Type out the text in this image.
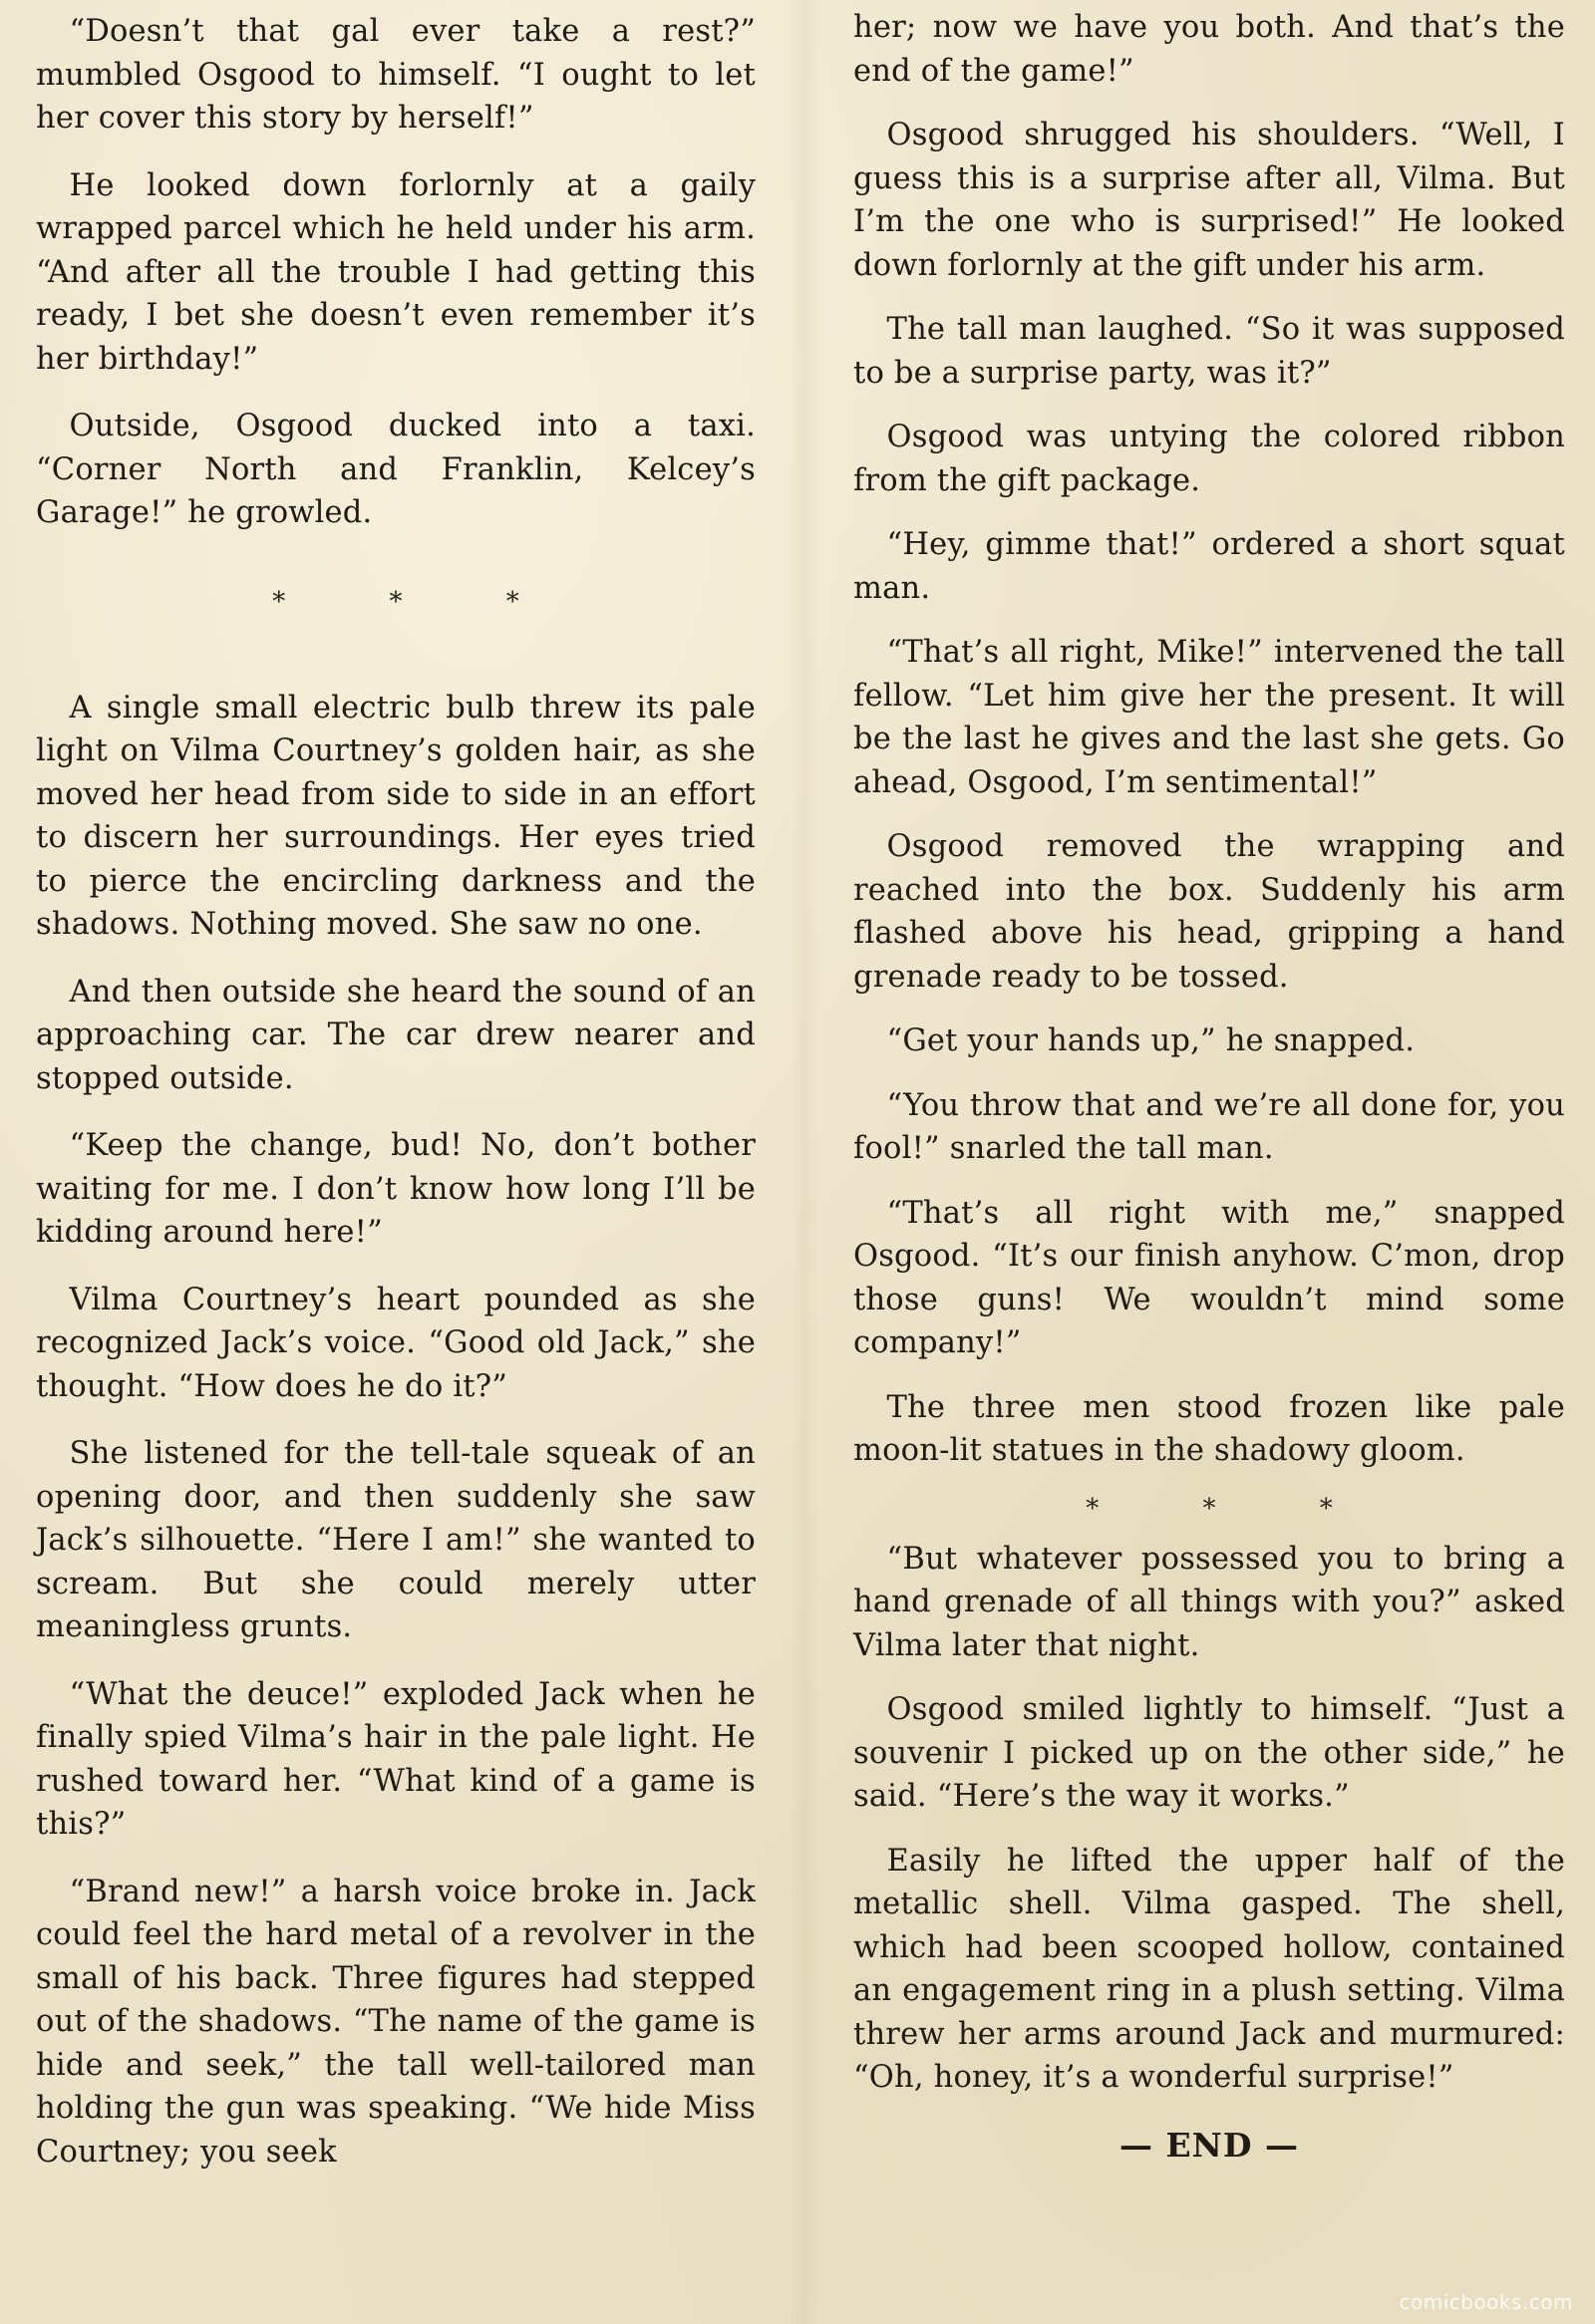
“Doesn’t that gal ever take a rest?” mumbled Osgood to himself. “I ought to let her cover this story by herself!”

He looked down forlornly at a gaily wrapped parcel which he held under his arm. “And after all the trouble I had getting this ready, I bet she doesn’t even remember it’s her birthday!”

Outside, Osgood ducked into a taxi. “Corner North and Franklin, Kelcey’s Garage!” he growled.

* * *

A single small electric bulb threw its pale light on Vilma Courtney’s golden hair, as she moved her head from side to side in an effort to discern her surroundings. Her eyes tried to pierce the encircling darkness and the shadows. Nothing moved. She saw no one.

And then outside she heard the sound of an approaching car. The car drew nearer and stopped outside.

“Keep the change, bud! No, don’t bother waiting for me. I don’t know how long I’ll be kidding around here!”

Vilma Courtney’s heart pounded as she recognized Jack’s voice. “Good old Jack,” she thought. “How does he do it?”

She listened for the tell-tale squeak of an opening door, and then suddenly she saw Jack’s silhouette. “Here I am!” she wanted to scream. But she could merely utter meaningless grunts.

“What the deuce!” exploded Jack when he finally spied Vilma’s hair in the pale light. He rushed toward her. “What kind of a game is this?”

“Brand new!” a harsh voice broke in. Jack could feel the hard metal of a revolver in the small of his back. Three figures had stepped out of the shadows. “The name of the game is hide and seek,” the tall well-tailored man holding the gun was speaking. “We hide Miss Courtney; you seek

her; now we have you both. And that’s the end of the game!”

Osgood shrugged his shoulders. “Well, I guess this is a surprise after all, Vilma. But I’m the one who is surprised!” He looked down forlornly at the gift under his arm.

The tall man laughed. “So it was supposed to be a surprise party, was it?”

Osgood was untying the colored ribbon from the gift package.

“Hey, gimme that!” ordered a short squat man.

“That’s all right, Mike!” intervened the tall fellow. “Let him give her the present. It will be the last he gives and the last she gets. Go ahead, Osgood, I’m sentimental!”

Osgood removed the wrapping and reached into the box. Suddenly his arm flashed above his head, gripping a hand grenade ready to be tossed.

“Get your hands up,” he snapped.

“You throw that and we’re all done for, you fool!” snarled the tall man.

“That’s all right with me,” snapped Osgood. “It’s our finish anyhow. C’mon, drop those guns! We wouldn’t mind some company!”

The three men stood frozen like pale moon-lit statues in the shadowy gloom.

* * *

“But whatever possessed you to bring a hand grenade of all things with you?” asked Vilma later that night.

Osgood smiled lightly to himself. “Just a souvenir I picked up on the other side,” he said. “Here’s the way it works.”

Easily he lifted the upper half of the metallic shell. Vilma gasped. The shell, which had been scooped hollow, contained an engagement ring in a plush setting. Vilma threw her arms around Jack and murmured: “Oh, honey, it’s a wonderful surprise!”

— END —
comicbooks.com
